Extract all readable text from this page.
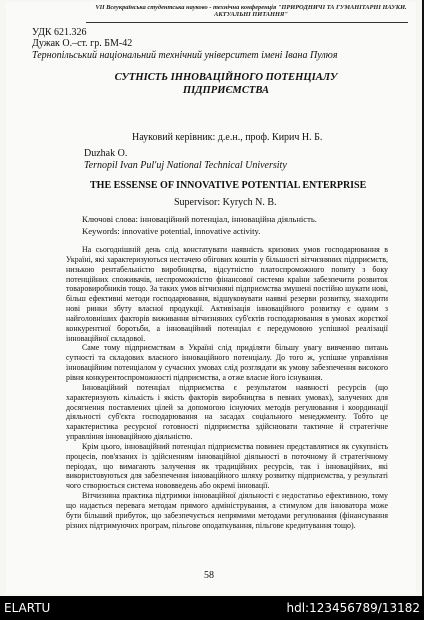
VII Всеукраїнська студентська науково - технічна конференція "ПРИРОДНИЧІ ТА ГУМАНІТАРНІ НАУКИ. АКТУАЛЬНІ ПИТАННЯ"
УДК 621.326
Дужак О.–ст. гр. БМ-42
Тернопільський національний технічний університет імені Івана Пулюя
СУТНІСТЬ ІННОВАЦІЙНОГО ПОТЕНЦІАЛУ ПІДПРИЄМСТВА
Науковий керівник: д.е.н., проф. Кирич Н. Б.
Duzhak O.
Ternopil Ivan Pul'uj National Technical University
THE ESSENSE OF INNOVATIVE POTENTIAL ENTERPRISE
Supervisor: Kyrych N. B.
Ключові слова: інноваційний потенціал, інноваційна діяльність.
Keywords: innovative potential, innovative activity.

На сьогоднішній день слід констатувати наявність кризових умов господарювання в Україні, які характеризуються нестачею обігових коштів у більшості вітчизняних підприємств, низькою рентабельністю виробництва, відсутністю платоспроможного попиту з боку потенційних споживачів, неспроможністю фінансової системи країни забезпечити розвиток товаровиробників тощо. За таких умов вітчизняні підприємства змушені постійно шукати нові, більш ефективні методи господарювання, відшуковувати наявні резерви розвитку, знаходити нові ринки збуту власної продукції. Активізація інноваційного розвитку є одним з найголовніших факторів виживання вітчизняних суб'єктів господарювання в умовах жорсткої конкурентної боротьби, а інноваційний потенціал є передумовою успішної реалізації інноваційної складової.

Саме тому підприємствам в Україні слід приділяти більшу увагу вивченню питань сутності та складових власного інноваційного потенціалу. До того ж, успішне управління інноваційним потенціалом у сучасних умовах слід розглядати як умову забезпечення високого рівня конкурентоспроможності підприємства, а отже власне його існування.

Інноваційний потенціал підприємства є результатом наявності ресурсів (що характеризують кількість і якість факторів виробництва в певних умовах), залучених для досягнення поставлених цілей за допомогою існуючих методів регулювання і координації діяльності суб'єкта господарювання на засадах соціального менеджменту. Тобто це характеристика ресурсної готовності підприємства здійснювати тактичне й стратегічне управління інноваційною діяльністю.

Крім цього, інноваційний потенціал підприємства повинен представлятися як сукупність процесів, пов'язаних із здійсненням інноваційної діяльності в поточному й стратегічному періодах, що вимагають залучення як традиційних ресурсів, так і інноваційних, які використовуються для забезпечення інноваційного шляху розвитку підприємства, у результаті чого створюється система нововведень або окремі інновації.

Вітчизняна практика підтримки інноваційної діяльності є недостатньо ефективною, тому що надається перевага методам прямого адміністрування, а стимулом для інноватора може бути більший прибуток, що забезпечується непрямими методами регулювання (фінансування різних підтримуючих програм, пільгове оподаткування, пільгове кредитування тощо).

58
ELARTU	hdl:123456789/13182
